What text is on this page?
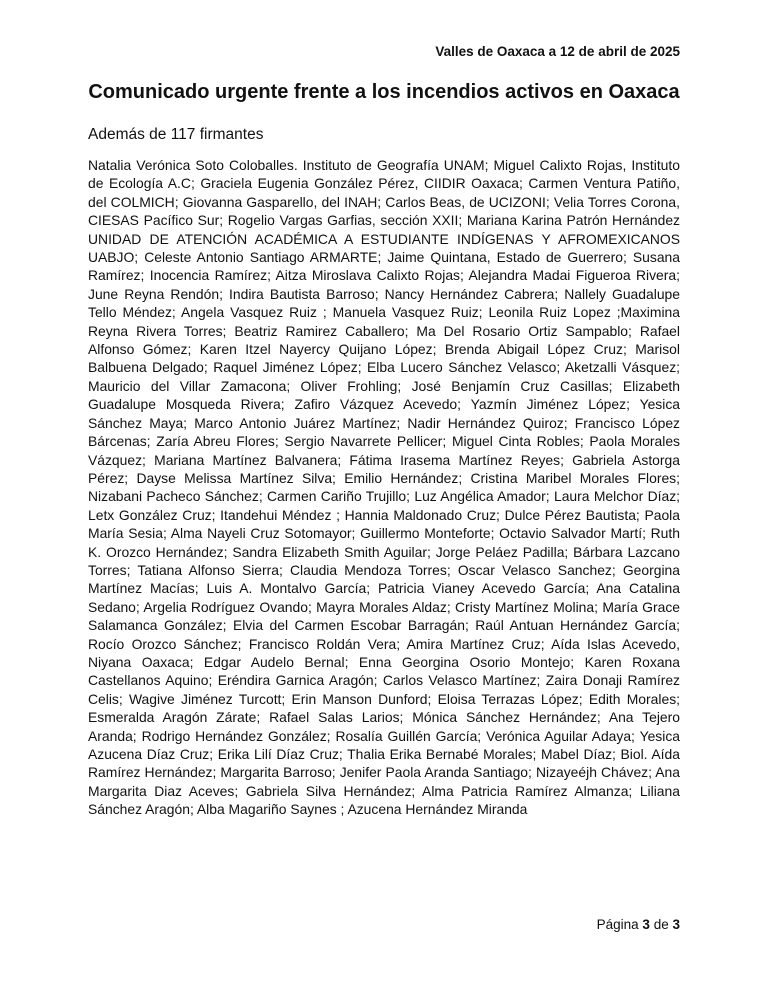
Valles de Oaxaca a 12 de abril de 2025
Comunicado urgente frente a los incendios activos en Oaxaca
Además de 117 firmantes

Natalia Verónica Soto Coloballes. Instituto de Geografía UNAM; Miguel Calixto Rojas, Instituto de Ecología A.C; Graciela Eugenia González Pérez, CIIDIR Oaxaca; Carmen Ventura Patiño, del COLMICH; Giovanna Gasparello, del INAH; Carlos Beas, de UCIZONI; Velia Torres Corona, CIESAS Pacífico Sur; Rogelio Vargas Garfias, sección XXII; Mariana Karina Patrón Hernández UNIDAD DE ATENCIÓN ACADÉMICA A ESTUDIANTE INDÍGENAS Y AFROMEXICANOS UABJO; Celeste Antonio Santiago ARMARTE; Jaime Quintana, Estado de Guerrero; Susana Ramírez; Inocencia Ramírez; Aitza Miroslava Calixto Rojas; Alejandra Madai Figueroa Rivera; June Reyna Rendón; Indira Bautista Barroso; Nancy Hernández Cabrera; Nallely Guadalupe Tello Méndez; Angela Vasquez Ruiz ; Manuela Vasquez Ruiz; Leonila Ruiz Lopez ;Maximina Reyna Rivera Torres; Beatriz Ramirez Caballero; Ma Del Rosario Ortiz Sampablo; Rafael Alfonso Gómez; Karen Itzel Nayercy Quijano López; Brenda Abigail López Cruz; Marisol Balbuena Delgado; Raquel Jiménez López; Elba Lucero Sánchez Velasco; Aketzalli Vásquez; Mauricio del Villar Zamacona; Oliver Frohling; José Benjamín Cruz Casillas; Elizabeth Guadalupe Mosqueda Rivera; Zafiro Vázquez Acevedo; Yazmín Jiménez López; Yesica Sánchez Maya; Marco Antonio Juárez Martínez; Nadir Hernández Quiroz; Francisco López Bárcenas; Zaría Abreu Flores; Sergio Navarrete Pellicer; Miguel Cinta Robles; Paola Morales Vázquez; Mariana Martínez Balvanera; Fátima Irasema Martínez Reyes; Gabriela Astorga Pérez; Dayse Melissa Martínez Silva; Emilio Hernández; Cristina Maribel Morales Flores; Nizabani Pacheco Sánchez; Carmen Cariño Trujillo; Luz Angélica Amador; Laura Melchor Díaz; Letx González Cruz; Itandehui Méndez ; Hannia Maldonado Cruz; Dulce Pérez Bautista; Paola María Sesia; Alma Nayeli Cruz Sotomayor; Guillermo Monteforte; Octavio Salvador Martí; Ruth K. Orozco Hernández; Sandra Elizabeth Smith Aguilar; Jorge Peláez Padilla; Bárbara Lazcano Torres; Tatiana Alfonso Sierra; Claudia Mendoza Torres; Oscar Velasco Sanchez; Georgina Martínez Macías; Luis A. Montalvo García; Patricia Vianey Acevedo García; Ana Catalina Sedano; Argelia Rodríguez Ovando; Mayra Morales Aldaz; Cristy Martínez Molina; María Grace Salamanca González; Elvia del Carmen Escobar Barragán; Raúl Antuan Hernández García; Rocío Orozco Sánchez; Francisco Roldán Vera; Amira Martínez Cruz; Aída Islas Acevedo, Niyana Oaxaca; Edgar Audelo Bernal; Enna Georgina Osorio Montejo; Karen Roxana Castellanos Aquino; Eréndira Garnica Aragón; Carlos Velasco Martínez; Zaira Donaji Ramírez Celis; Wagive Jiménez Turcott; Erin Manson Dunford; Eloisa Terrazas López; Edith Morales; Esmeralda Aragón Zárate; Rafael Salas Larios; Mónica Sánchez Hernández; Ana Tejero Aranda; Rodrigo Hernández González; Rosalía Guillén García; Verónica Aguilar Adaya; Yesica Azucena Díaz Cruz; Erika Lilí Díaz Cruz; Thalia Erika Bernabé Morales; Mabel Díaz; Biol. Aída Ramírez Hernández; Margarita Barroso; Jenifer Paola Aranda Santiago; Nizayeéjh Chávez; Ana Margarita Diaz Aceves; Gabriela Silva Hernández; Alma Patricia Ramírez Almanza; Liliana Sánchez Aragón; Alba Magariño Saynes ; Azucena Hernández Miranda

Página 3 de 3
